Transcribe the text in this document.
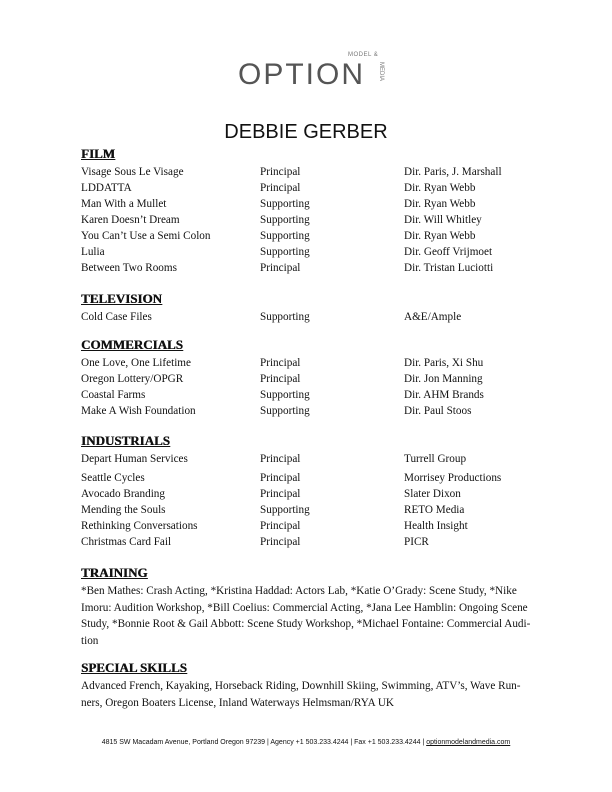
MODEL &
OPTION MEDIA
DEBBIE GERBER
FILM
Visage Sous Le Visage	Principal	Dir. Paris, J. Marshall
LDDATTA	Principal	Dir. Ryan Webb
Man With a Mullet	Supporting	Dir. Ryan Webb
Karen Doesn’t Dream	Supporting	Dir. Will Whitley
You Can’t Use a Semi Colon	Supporting	Dir. Ryan Webb
Lulia	Supporting	Dir. Geoff Vrijmoet
Between Two Rooms	Principal	Dir. Tristan Luciotti
TELEVISION
Cold Case Files	Supporting	A&E/Ample
COMMERCIALS
One Love, One Lifetime	Principal	Dir. Paris, Xi Shu
Oregon Lottery/OPGR	Principal	Dir. Jon Manning
Coastal Farms	Supporting	Dir. AHM Brands
Make A Wish Foundation	Supporting	Dir. Paul Stoos
INDUSTRIALS
Depart Human Services	Principal	Turrell Group
Seattle Cycles	Principal	Morrisey Productions
Avocado Branding	Principal	Slater Dixon
Mending the Souls	Supporting	RETO Media
Rethinking Conversations	Principal	Health Insight
Christmas Card Fail	Principal	PICR
TRAINING
*Ben Mathes: Crash Acting, *Kristina Haddad: Actors Lab, *Katie O’Grady: Scene Study, *Nike
Imoru: Audition Workshop, *Bill Coelius: Commercial Acting, *Jana Lee Hamblin: Ongoing Scene
Study, *Bonnie Root & Gail Abbott: Scene Study Workshop, *Michael Fontaine: Commercial Audi-
tion
SPECIAL SKILLS
Advanced French, Kayaking, Horseback Riding, Downhill Skiing, Swimming, ATV’s, Wave Run-
ners, Oregon Boaters License, Inland Waterways Helmsman/RYA UK
4815 SW Macadam Avenue, Portland Oregon 97239 | Agency +1 503.233.4244 | Fax +1 503.233.4244 | optionmodelandmedia.com
